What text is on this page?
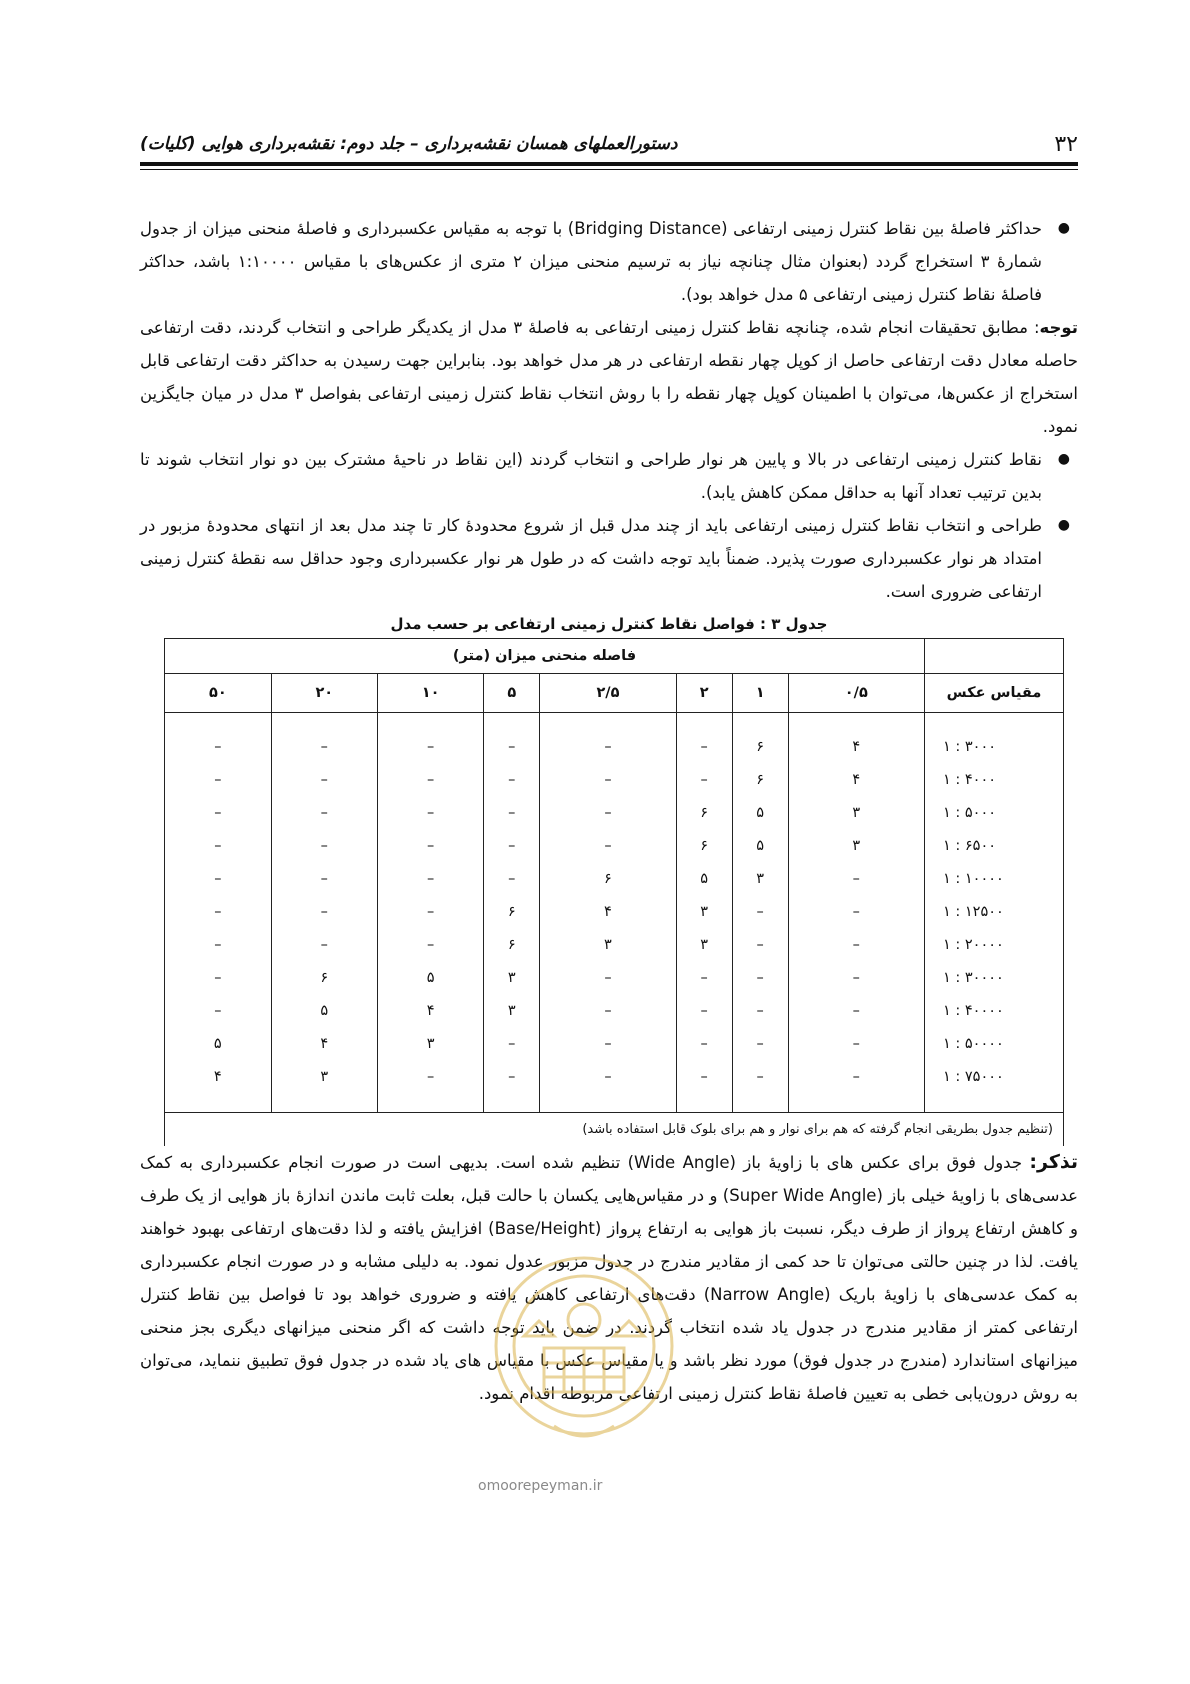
۳۲
دستورالعملهای همسان نقشه‌برداری – جلد دوم: نقشه‌برداری هوایی (کلیات)

●
حداکثر فاصلهٔ بین نقاط کنترل زمینی ارتفاعی (Bridging Distance) با توجه به مقیاس عکسبرداری و فاصلهٔ منحنی میزان از جدول شمارهٔ ۳ استخراج گردد (بعنوان مثال چنانچه نیاز به ترسیم منحنی میزان ۲ متری از عکس‌های با مقیاس ۱:۱۰۰۰۰ باشد، حداکثر فاصلهٔ نقاط کنترل زمینی ارتفاعی ۵ مدل خواهد بود).

توجه: مطابق تحقیقات انجام شده، چنانچه نقاط کنترل زمینی ارتفاعی به فاصلهٔ ۳ مدل از یکدیگر طراحی و انتخاب گردند، دقت ارتفاعی حاصله معادل دقت ارتفاعی حاصل از کوپل چهار نقطه ارتفاعی در هر مدل خواهد بود. بنابراین جهت رسیدن به حداکثر دقت ارتفاعی قابل استخراج از عکس‌ها، می‌توان با اطمینان کوپل چهار نقطه را با روش انتخاب نقاط کنترل زمینی ارتفاعی بفواصل ۳ مدل در میان جایگزین نمود.

●
نقاط کنترل زمینی ارتفاعی در بالا و پایین هر نوار طراحی و انتخاب گردند (این نقاط در ناحیهٔ مشترک بین دو نوار انتخاب شوند تا بدین ترتیب تعداد آنها به حداقل ممکن کاهش یابد).

●
طراحی و انتخاب نقاط کنترل زمینی ارتفاعی باید از چند مدل قبل از شروع محدودهٔ کار تا چند مدل بعد از انتهای محدودهٔ مزبور در امتداد هر نوار عکسبرداری صورت پذیرد. ضمناً باید توجه داشت که در طول هر نوار عکسبرداری وجود حداقل سه نقطهٔ کنترل زمینی ارتفاعی ضروری است.

جدول ۳ : فواصل نقاط کنترل زمینی ارتفاعی بر حسب مدل
	فاصله منحنی میزان (متر)							
مقیاس عکس	۰/۵	۱	۲	۲/۵	۵	۱۰	۲۰	۵۰

۱ : ۳۰۰۰	۴	۶	–	–	–	–	–	–
۱ : ۴۰۰۰	۴	۶	–	–	–	–	–	–
۱ : ۵۰۰۰	۳	۵	۶	–	–	–	–	–
۱ : ۶۵۰۰	۳	۵	۶	–	–	–	–	–
۱ : ۱۰۰۰۰	–	۳	۵	۶	–	–	–	–
۱ : ۱۲۵۰۰	–	–	۳	۴	۶	–	–	–
۱ : ۲۰۰۰۰	–	–	۳	۳	۶	–	–	–
۱ : ۳۰۰۰۰	–	–	–	–	۳	۵	۶	–
۱ : ۴۰۰۰۰	–	–	–	–	۳	۴	۵	–
۱ : ۵۰۰۰۰	–	–	–	–	–	۳	۴	۵
۱ : ۷۵۰۰۰	–	–	–	–	–	–	۳	۴

(تنظیم جدول بطریقی انجام گرفته که هم برای نوار و هم برای بلوک قابل استفاده باشد)								

تذکر: جدول فوق برای عکس های با زاویهٔ باز (Wide Angle) تنظیم شده است. بدیهی است در صورت انجام عکسبرداری به کمک عدسی‌های با زاویهٔ خیلی باز (Super Wide Angle) و در مقیاس‌هایی یکسان با حالت قبل، بعلت ثابت ماندن اندازهٔ باز هوایی از یک طرف و کاهش ارتفاع پرواز از طرف دیگر، نسبت باز هوایی به ارتفاع پرواز (Base/Height) افزایش یافته و لذا دقت‌های ارتفاعی بهبود خواهند یافت. لذا در چنین حالتی می‌توان تا حد کمی از مقادیر مندرج در جدول مزبور عدول نمود. به دلیلی مشابه و در صورت انجام عکسبرداری به کمک عدسی‌های با زاویهٔ باریک (Narrow Angle) دقت‌های ارتفاعی کاهش یافته و ضروری خواهد بود تا فواصل بین نقاط کنترل ارتفاعی کمتر از مقادیر مندرج در جدول یاد شده انتخاب گردند. در ضمن باید توجه داشت که اگر منحنی میزانهای دیگری بجز منحنی میزانهای استاندارد (مندرج در جدول فوق) مورد نظر باشد و یا مقیاس عکس با مقیاس های یاد شده در جدول فوق تطبیق ننماید، می‌توان به روش درون‌یابی خطی به تعیین فاصلهٔ نقاط کنترل زمینی ارتفاعی مربوطه اقدام نمود.

omoorepeyman.ir
